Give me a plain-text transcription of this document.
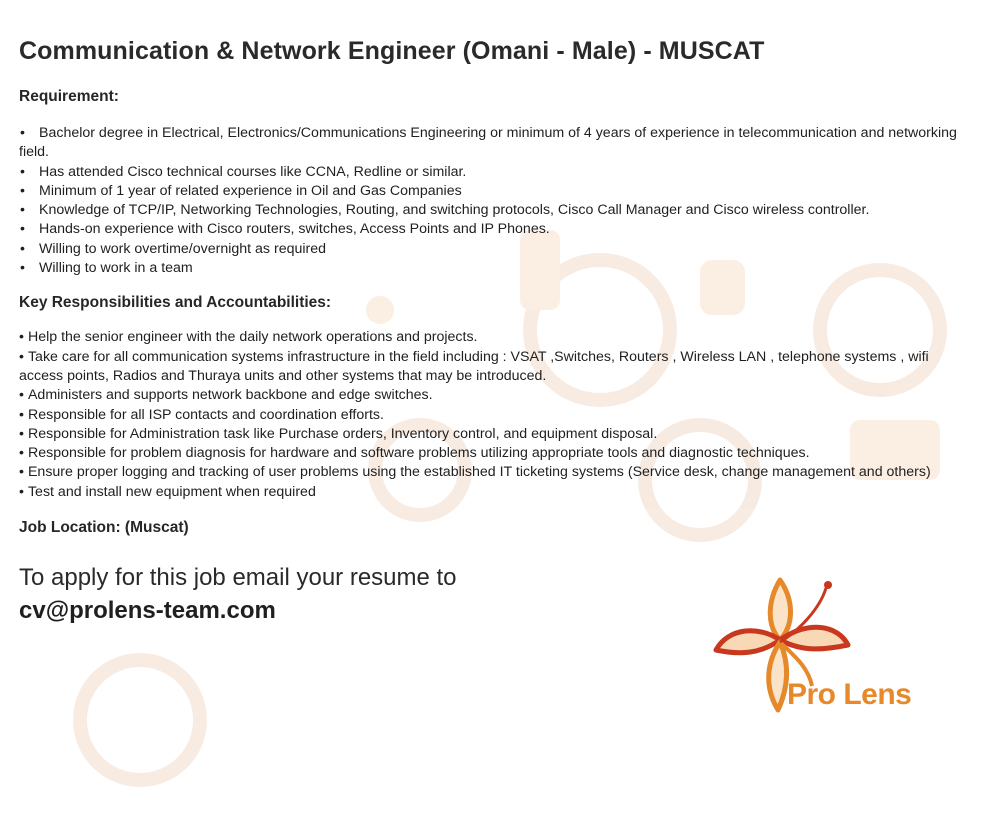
Communication & Network Engineer (Omani - Male) - MUSCAT
Requirement:
• Bachelor degree in Electrical, Electronics/Communications Engineering or minimum of 4 years of experience in telecommunication and networking field.
• Has attended Cisco technical courses like CCNA, Redline or similar.
• Minimum of 1 year of related experience in Oil and Gas Companies
• Knowledge of TCP/IP, Networking Technologies, Routing, and switching protocols, Cisco Call Manager and Cisco wireless controller.
• Hands-on experience with Cisco routers, switches, Access Points and IP Phones.
• Willing to work overtime/overnight as required
• Willing to work in a team
Key Responsibilities and Accountabilities:
• Help the senior engineer with the daily network operations and projects.
• Take care for all communication systems infrastructure in the field including : VSAT ,Switches, Routers , Wireless LAN , telephone systems , wifi access points, Radios and Thuraya units and other systems that may be introduced.
• Administers and supports network backbone and edge switches.
• Responsible for all ISP contacts and coordination efforts.
• Responsible for Administration task like Purchase orders, Inventory control, and equipment disposal.
• Responsible for problem diagnosis for hardware and software problems utilizing appropriate tools and diagnostic techniques.
• Ensure proper logging and tracking of user problems using the established IT ticketing systems (Service desk, change management and others)
• Test and install new equipment when required
Job Location: (Muscat)

To apply for this job email your resume to

cv@prolens-team.com

Pro Lens
